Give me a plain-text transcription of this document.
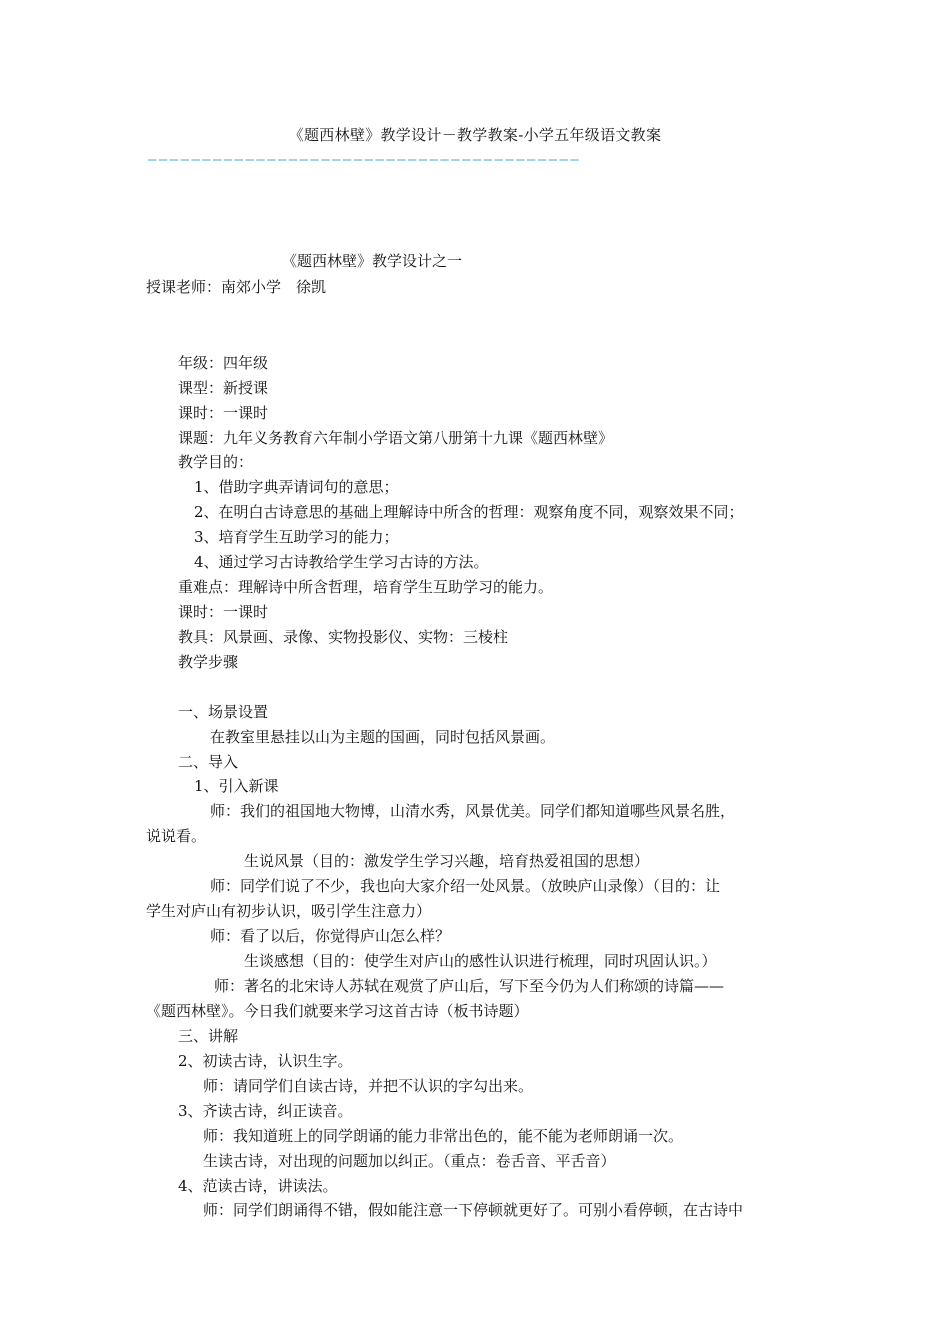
《题西林壁》教学设计－教学教案-小学五年级语文教案
————————————————————————————————————————
《题西林壁》教学设计之一
授课老师：南郊小学　徐凯
年级：四年级
课型：新授课
课时：一课时
课题：九年义务教育六年制小学语文第八册第十九课《题西林壁》
教学目的：
1、借助字典弄请词句的意思；
2、在明白古诗意思的基础上理解诗中所含的哲理：观察角度不同，观察效果不同；
3、培育学生互助学习的能力；
4、通过学习古诗教给学生学习古诗的方法。
重难点：理解诗中所含哲理，培育学生互助学习的能力。
课时：一课时
教具：风景画、录像、实物投影仪、实物：三棱柱
教学步骤
一、场景设置
在教室里悬挂以山为主题的国画，同时包括风景画。
二、导入
1、引入新课
师：我们的祖国地大物博，山清水秀，风景优美。同学们都知道哪些风景名胜，
说说看。
生说风景（目的：激发学生学习兴趣，培育热爱祖国的思想）
师：同学们说了不少，我也向大家介绍一处风景。（放映庐山录像）（目的：让
学生对庐山有初步认识，吸引学生注意力）
师：看了以后，你觉得庐山怎么样？
生谈感想（目的：使学生对庐山的感性认识进行梳理，同时巩固认识。）
师：著名的北宋诗人苏轼在观赏了庐山后，写下至今仍为人们称颂的诗篇——
《题西林壁》。今日我们就要来学习这首古诗（板书诗题）
三、讲解
2、初读古诗，认识生字。
师：请同学们自读古诗，并把不认识的字勾出来。
3、齐读古诗，纠正读音。
师：我知道班上的同学朗诵的能力非常出色的，能不能为老师朗诵一次。
生读古诗，对出现的问题加以纠正。（重点：卷舌音、平舌音）
4、范读古诗，讲读法。
师：同学们朗诵得不错，假如能注意一下停顿就更好了。可别小看停顿，在古诗中
